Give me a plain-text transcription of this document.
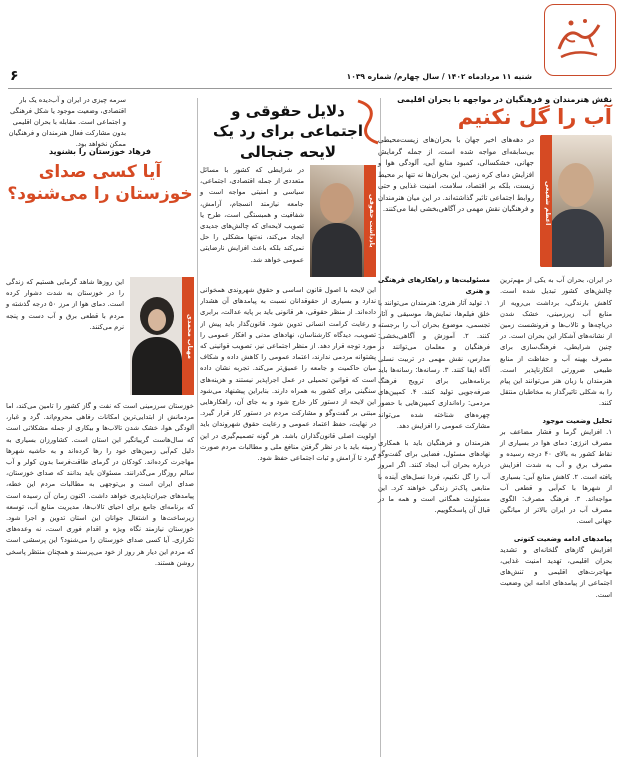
شنبه ۱۱ مردادماه ۱۴۰۲ / سال چهارم/ شماره ۱۰۳۹
۶
نقش هنرمندان و فرهنگیان در مواجهه با بحران اقلیمی
آب را گل نکنیم
اعظم شفیعی
در دهه‌های اخیر جهان با بحران‌های زیست‌محیطی بی‌سابقه‌ای مواجه شده است، از جمله گرمایش جهانی، خشکسالی، کمبود منابع آبی، آلودگی هوا و افزایش دمای کره زمین. این بحران‌ها نه تنها بر محیط زیست، بلکه بر اقتصاد، سلامت، امنیت غذایی و حتی روابط اجتماعی تاثیر گذاشته‌اند. در این میان هنرمندان و فرهنگیان نقش مهمی در آگاهی‌بخشی ایفا می‌کنند.
در ایران، بحران آب به یکی از مهم‌ترین چالش‌های کشور تبدیل شده است. کاهش بارندگی، برداشت بی‌رویه از منابع آب زیرزمینی، خشک شدن دریاچه‌ها و تالاب‌ها و فرونشست زمین از نشانه‌های آشکار این بحران است. در چنین شرایطی، فرهنگ‌سازی برای مصرف بهینه آب و حفاظت از منابع طبیعی ضرورتی انکارناپذیر است. هنرمندان با زبان هنر می‌توانند این پیام را به شکلی تاثیرگذار به مخاطبان منتقل کنند.
تحلیل وضعیت موجود
۱. افزایش گرما و فشار مضاعف بر مصرف انرژی: دمای هوا در بسیاری از نقاط کشور به بالای ۴۰ درجه رسیده و مصرف برق و آب به شدت افزایش یافته است. ۲. کاهش منابع آبی: بسیاری از شهرها با کم‌آبی و قطعی آب مواجه‌اند. ۳. فرهنگ مصرف: الگوی مصرف آب در ایران بالاتر از میانگین جهانی است.
پیامدهای ادامه وضعیت کنونی
افزایش گازهای گلخانه‌ای و تشدید بحران اقلیمی، تهدید امنیت غذایی، مهاجرت‌های اقلیمی و تنش‌های اجتماعی از پیامدهای ادامه این وضعیت است.
مسئولیت‌ها و راهکارهای فرهنگی و هنری
۱. تولید آثار هنری: هنرمندان می‌توانند با خلق فیلم‌ها، نمایش‌ها، موسیقی و آثار تجسمی، موضوع بحران آب را برجسته کنند. ۲. آموزش و آگاهی‌بخشی: فرهنگیان و معلمان می‌توانند در مدارس، نقش مهمی در تربیت نسلی آگاه ایفا کنند. ۳. رسانه‌ها: رسانه‌ها باید برنامه‌هایی برای ترویج فرهنگ صرفه‌جویی تولید کنند. ۴. کمپین‌های مردمی: راه‌اندازی کمپین‌هایی با حضور چهره‌های شناخته شده می‌تواند مشارکت عمومی را افزایش دهد.
هنرمندان و فرهنگیان باید با همکاری نهادهای مسئول، فضایی برای گفت‌وگو درباره بحران آب ایجاد کنند. اگر امروز آب را گل نکنیم، فردا نسل‌های آینده با منابعی پاک‌تر زندگی خواهند کرد. این مسئولیت همگانی است و همه ما در قبال آن پاسخگوییم.
دلایل حقوقی و اجتماعی برای رد یک لایحه جنجالی
یادداشت حقوقی
در شرایطی که کشور با مسائل متعددی از جمله اقتصادی، اجتماعی، سیاسی و امنیتی مواجه است و جامعه نیازمند انسجام، آرامش، شفافیت و همبستگی است، طرح یا تصویب لایحه‌ای که چالش‌های جدیدی ایجاد می‌کند، نه‌تنها مشکلی را حل نمی‌کند بلکه باعث افزایش نارضایتی عمومی خواهد شد.
این لایحه با اصول قانون اساسی و حقوق شهروندی همخوانی ندارد و بسیاری از حقوقدانان نسبت به پیامدهای آن هشدار داده‌اند. از منظر حقوقی، هر قانونی باید بر پایه عدالت، برابری و رعایت کرامت انسانی تدوین شود. قانون‌گذار باید پیش از تصویب، دیدگاه کارشناسان، نهادهای مدنی و افکار عمومی را مورد توجه قرار دهد. از منظر اجتماعی نیز، تصویب قوانینی که پشتوانه مردمی ندارند، اعتماد عمومی را کاهش داده و شکاف میان حاکمیت و جامعه را عمیق‌تر می‌کند. تجربه نشان داده است که قوانین تحمیلی در عمل اجراپذیر نیستند و هزینه‌های سنگینی برای کشور به همراه دارند. بنابراین پیشنهاد می‌شود این لایحه از دستور کار خارج شود و به جای آن، راهکارهایی مبتنی بر گفت‌وگو و مشارکت مردم در دستور کار قرار گیرد. در نهایت، حفظ اعتماد عمومی و رعایت حقوق شهروندان باید اولویت اصلی قانون‌گذاران باشد. هر گونه تصمیم‌گیری در این زمینه باید با در نظر گرفتن منافع ملی و مطالبات مردم صورت گیرد تا آرامش و ثبات اجتماعی حفظ شود.
سرمه چیزی در ایران و آب‌دیده یک بار اقتصادی، وضعیت موجود یا شکل فرهنگی و اجتماعی است. مقابله با بحران اقلیمی بدون مشارکت فعال هنرمندان و فرهنگیان ممکن نخواهد بود.
فرهاد خوزستان را بشنوید
آیا کسی صدای خوزستان را می‌شنود؟
مهتاب محمدی
این روزها شاهد گرمایی هستیم که زندگی را در خوزستان به شدت دشوار کرده است. دمای هوا از مرز ۵۰ درجه گذشته و مردم با قطعی برق و آب دست و پنجه نرم می‌کنند.
خوزستان سرزمینی است که نفت و گاز کشور را تامین می‌کند، اما مردمانش از ابتدایی‌ترین امکانات رفاهی محروم‌اند. گرد و غبار، آلودگی هوا، خشک شدن تالاب‌ها و بیکاری از جمله مشکلاتی است که سال‌هاست گریبانگیر این استان است. کشاورزان بسیاری به دلیل کم‌آبی زمین‌های خود را رها کرده‌اند و به حاشیه شهرها مهاجرت کرده‌اند. کودکان در گرمای طاقت‌فرسا بدون کولر و آب سالم روزگار می‌گذرانند. مسئولان باید بدانند که صدای خوزستان، صدای ایران است و بی‌توجهی به مطالبات مردم این خطه، پیامدهای جبران‌ناپذیری خواهد داشت. اکنون زمان آن رسیده است که برنامه‌ای جامع برای احیای تالاب‌ها، مدیریت منابع آب، توسعه زیرساخت‌ها و اشتغال جوانان این استان تدوین و اجرا شود. خوزستان نیازمند نگاه ویژه و اقدام فوری است، نه وعده‌های تکراری. آیا کسی صدای خوزستان را می‌شنود؟ این پرسشی است که مردم این دیار هر روز از خود می‌پرسند و همچنان منتظر پاسخی روشن هستند.
